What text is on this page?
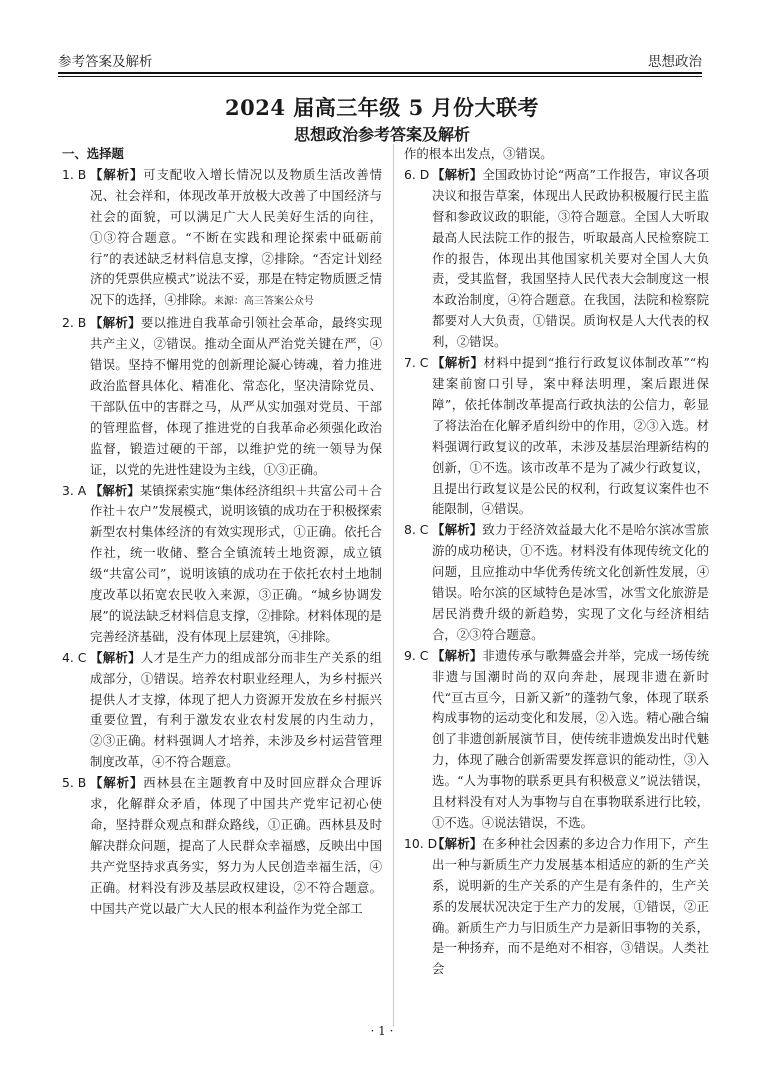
参考答案及解析	思想政治
2024 届高三年级 5 月份大联考
思想政治参考答案及解析
一、选择题

1. B 【解析】可支配收入增长情况以及物质生活改善情况、社会祥和，体现改革开放极大改善了中国经济与社会的面貌，可以满足广大人民美好生活的向往，①③符合题意。“不断在实践和理论探索中砥砺前行”的表述缺乏材料信息支撑，②排除。“否定计划经济的凭票供应模式”说法不妥，那是在特定物质匮乏情况下的选择，④排除。来源：高三答案公众号

2. B 【解析】要以推进自我革命引领社会革命，最终实现共产主义，②错误。推动全面从严治党关键在严，④错误。坚持不懈用党的创新理论凝心铸魂，着力推进政治监督具体化、精准化、常态化，坚决清除党员、干部队伍中的害群之马，从严从实加强对党员、干部的管理监督，体现了推进党的自我革命必须强化政治监督，锻造过硬的干部，以维护党的统一领导为保证，以党的先进性建设为主线，①③正确。

3. A 【解析】某镇探索实施“集体经济组织＋共富公司＋合作社＋农户”发展模式，说明该镇的成功在于积极探索新型农村集体经济的有效实现形式，①正确。依托合作社，统一收储、整合全镇流转土地资源，成立镇级“共富公司”，说明该镇的成功在于依托农村土地制度改革以拓宽农民收入来源，③正确。“城乡协调发展”的说法缺乏材料信息支撑，②排除。材料体现的是完善经济基础，没有体现上层建筑，④排除。

4. C 【解析】人才是生产力的组成部分而非生产关系的组成部分，①错误。培养农村职业经理人，为乡村振兴提供人才支撑，体现了把人力资源开发放在乡村振兴重要位置，有利于激发农业农村发展的内生动力，②③正确。材料强调人才培养，未涉及乡村运营管理制度改革，④不符合题意。

5. B 【解析】西林县在主题教育中及时回应群众合理诉求，化解群众矛盾，体现了中国共产党牢记初心使命，坚持群众观点和群众路线，①正确。西林县及时解决群众问题，提高了人民群众幸福感，反映出中国共产党坚持求真务实，努力为人民创造幸福生活，④正确。材料没有涉及基层政权建设，②不符合题意。中国共产党以最广大人民的根本利益作为党全部工

作的根本出发点，③错误。

6. D 【解析】全国政协讨论“两高”工作报告，审议各项决议和报告草案，体现出人民政协积极履行民主监督和参政议政的职能，③符合题意。全国人大听取最高人民法院工作的报告，听取最高人民检察院工作的报告，体现出其他国家机关要对全国人大负责，受其监督，我国坚持人民代表大会制度这一根本政治制度，④符合题意。在我国，法院和检察院都要对人大负责，①错误。质询权是人大代表的权利，②错误。

7. C 【解析】材料中提到“推行行政复议体制改革”“构建案前窗口引导，案中释法明理，案后跟进保障”，依托体制改革提高行政执法的公信力，彰显了将法治在化解矛盾纠纷中的作用，②③入选。材料强调行政复议的改革，未涉及基层治理新结构的创新，①不选。该市改革不是为了减少行政复议，且提出行政复议是公民的权利，行政复议案件也不能限制，④错误。

8. C 【解析】致力于经济效益最大化不是哈尔滨冰雪旅游的成功秘诀，①不选。材料没有体现传统文化的问题，且应推动中华优秀传统文化创新性发展，④错误。哈尔滨的区域特色是冰雪，冰雪文化旅游是居民消费升级的新趋势，实现了文化与经济相结合，②③符合题意。

9. C 【解析】非遗传承与歌舞盛会并举，完成一场传统非遗与国潮时尚的双向奔赴，展现非遗在新时代“亘古亘今，日新又新”的蓬勃气象，体现了联系构成事物的运动变化和发展，②入选。精心融合编创了非遗创新展演节目，使传统非遗焕发出时代魅力，体现了融合创新需要发挥意识的能动性，③入选。“人为事物的联系更具有积极意义”说法错误，且材料没有对人为事物与自在事物联系进行比较，①不选。④说法错误，不选。

10. D
【解析】在多种社会因素的多边合力作用下，产生出一种与新质生产力发展基本相适应的新的生产关系，说明新的生产关系的产生是有条件的，生产关系的发展状况决定于生产力的发展，①错误，②正确。新质生产力与旧质生产力是新旧事物的关系，是一种扬弃，而不是绝对不相容，③错误。人类社会

· 1 ·
